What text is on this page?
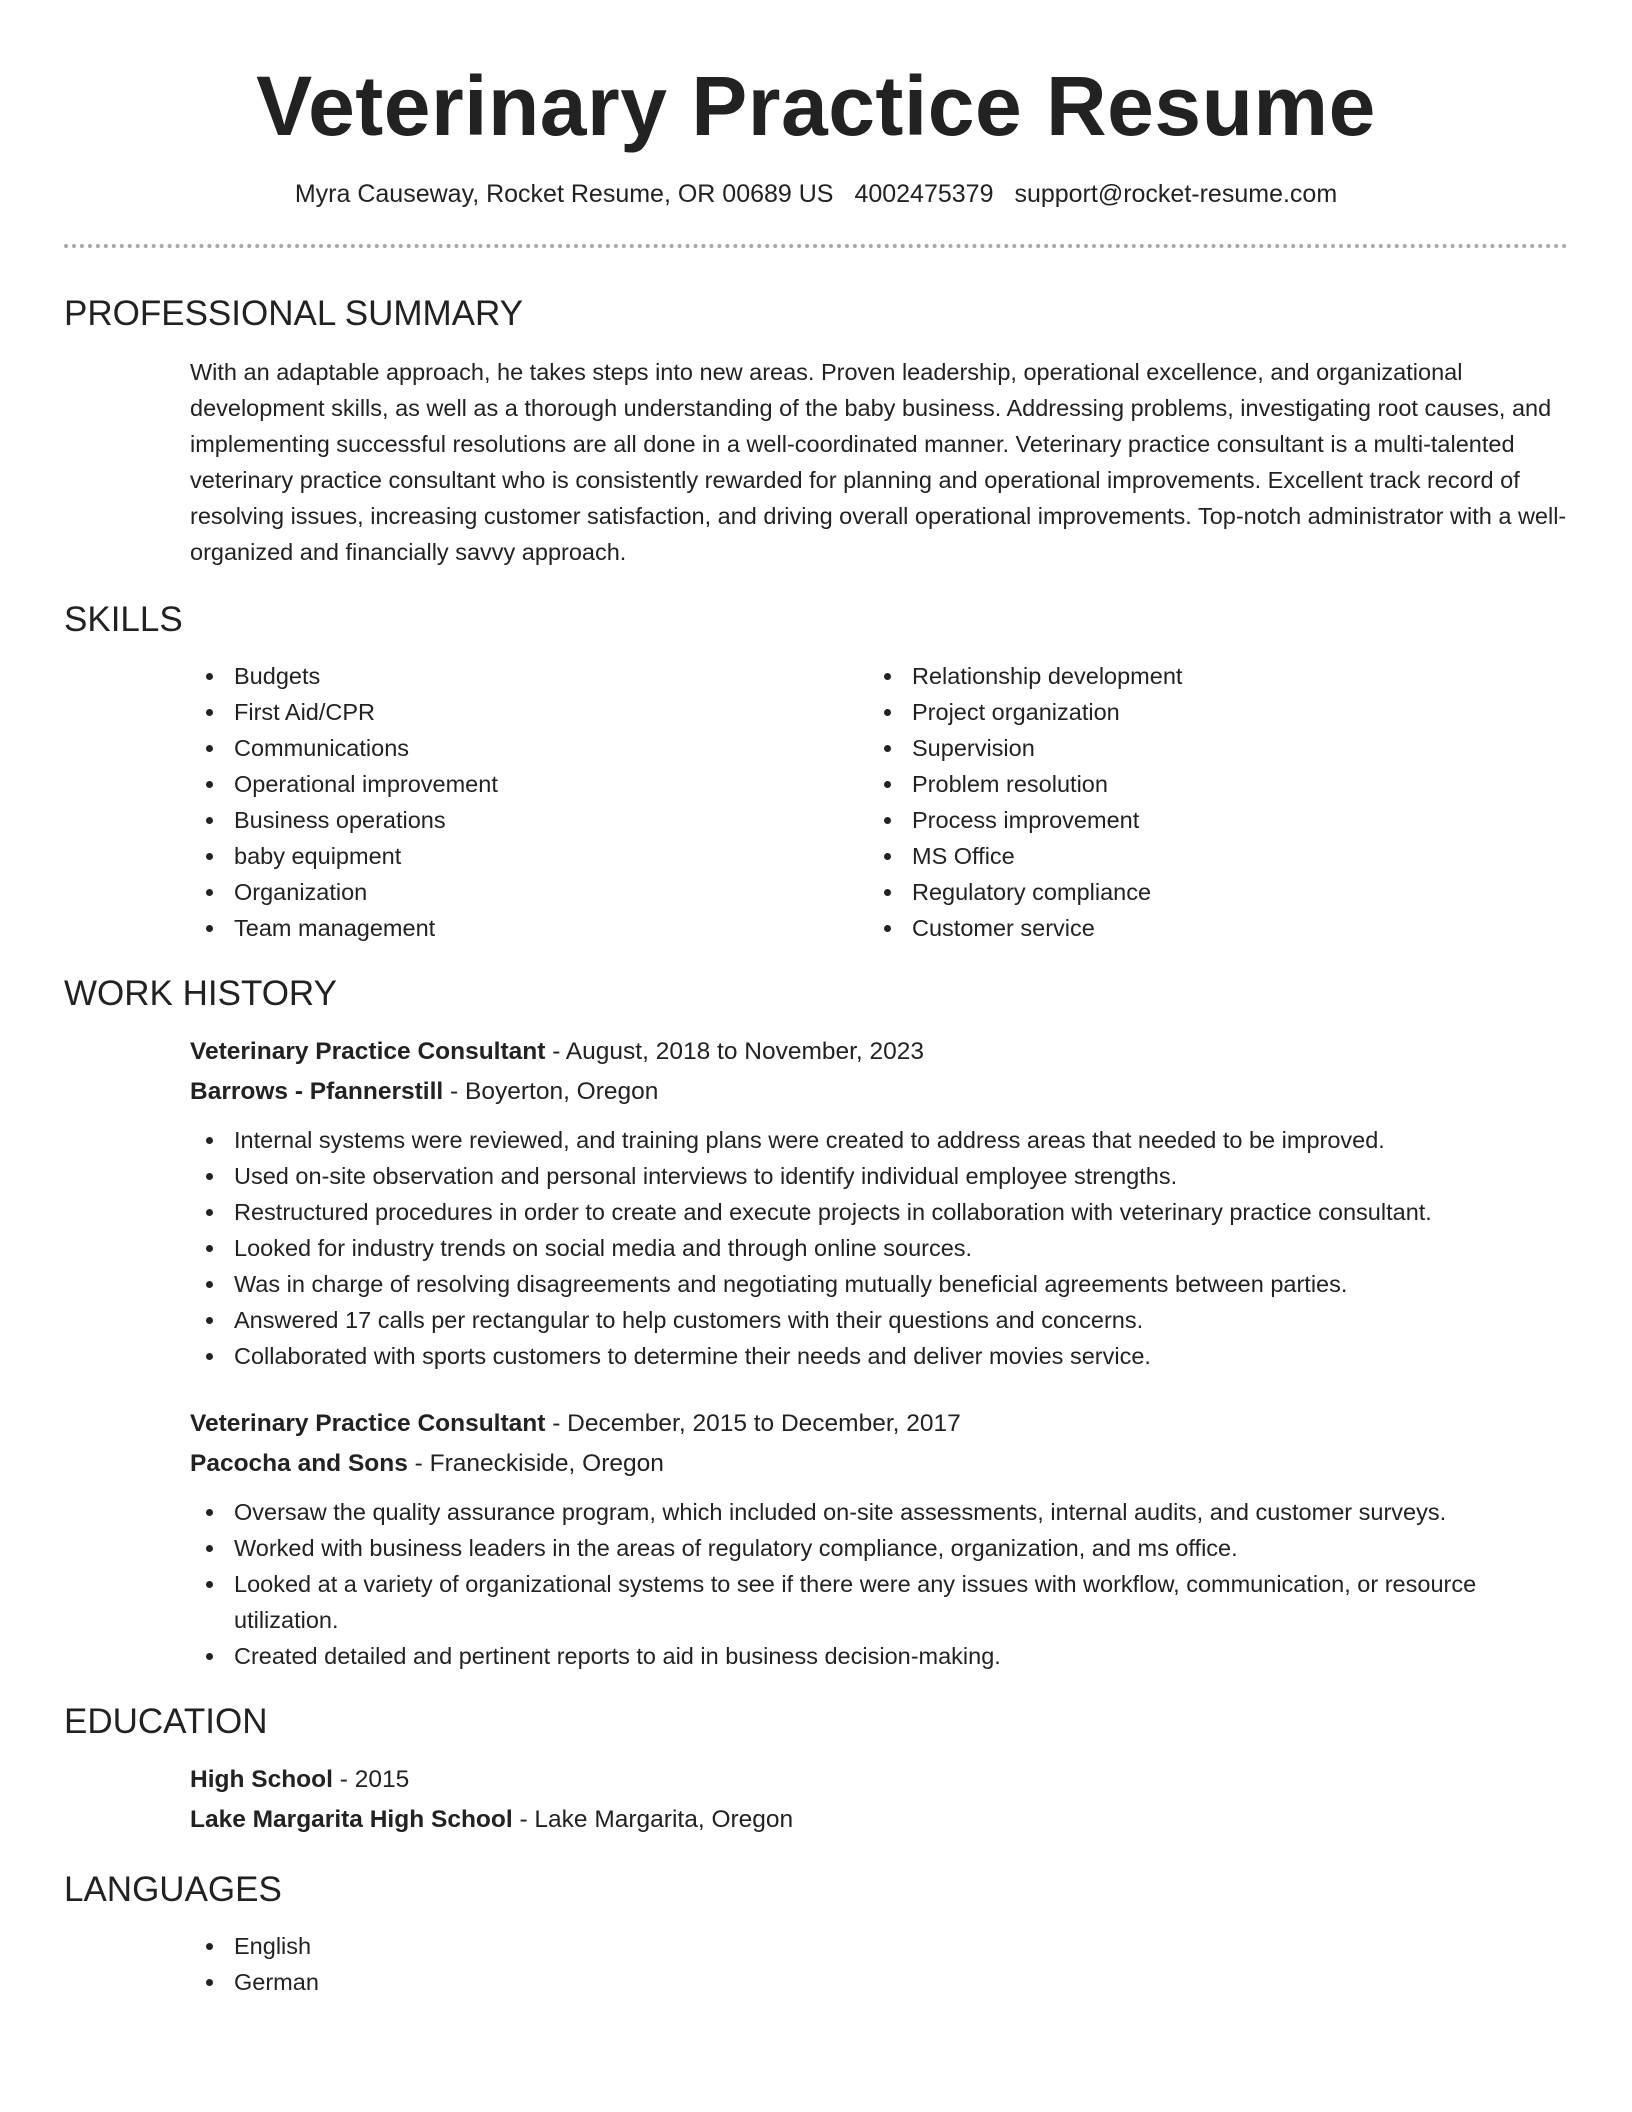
Veterinary Practice Resume
Myra Causeway, Rocket Resume, OR 00689 US 4002475379 support@rocket-resume.com
PROFESSIONAL SUMMARY
With an adaptable approach, he takes steps into new areas. Proven leadership, operational excellence, and organizational development skills, as well as a thorough understanding of the baby business. Addressing problems, investigating root causes, and implementing successful resolutions are all done in a well-coordinated manner. Veterinary practice consultant is a multi-talented veterinary practice consultant who is consistently rewarded for planning and operational improvements. Excellent track record of resolving issues, increasing customer satisfaction, and driving overall operational improvements. Top-notch administrator with a well-organized and financially savvy approach.
SKILLS
Budgets
First Aid/CPR
Communications
Operational improvement
Business operations
baby equipment
Organization
Team management
Relationship development
Project organization
Supervision
Problem resolution
Process improvement
MS Office
Regulatory compliance
Customer service
WORK HISTORY
Veterinary Practice Consultant - August, 2018 to November, 2023
Barrows - Pfannerstill - Boyerton, Oregon
Internal systems were reviewed, and training plans were created to address areas that needed to be improved.
Used on-site observation and personal interviews to identify individual employee strengths.
Restructured procedures in order to create and execute projects in collaboration with veterinary practice consultant.
Looked for industry trends on social media and through online sources.
Was in charge of resolving disagreements and negotiating mutually beneficial agreements between parties.
Answered 17 calls per rectangular to help customers with their questions and concerns.
Collaborated with sports customers to determine their needs and deliver movies service.
Veterinary Practice Consultant - December, 2015 to December, 2017
Pacocha and Sons - Franeckiside, Oregon
Oversaw the quality assurance program, which included on-site assessments, internal audits, and customer surveys.
Worked with business leaders in the areas of regulatory compliance, organization, and ms office.
Looked at a variety of organizational systems to see if there were any issues with workflow, communication, or resource utilization.
Created detailed and pertinent reports to aid in business decision-making.
EDUCATION
High School - 2015
Lake Margarita High School - Lake Margarita, Oregon
LANGUAGES
English
German
